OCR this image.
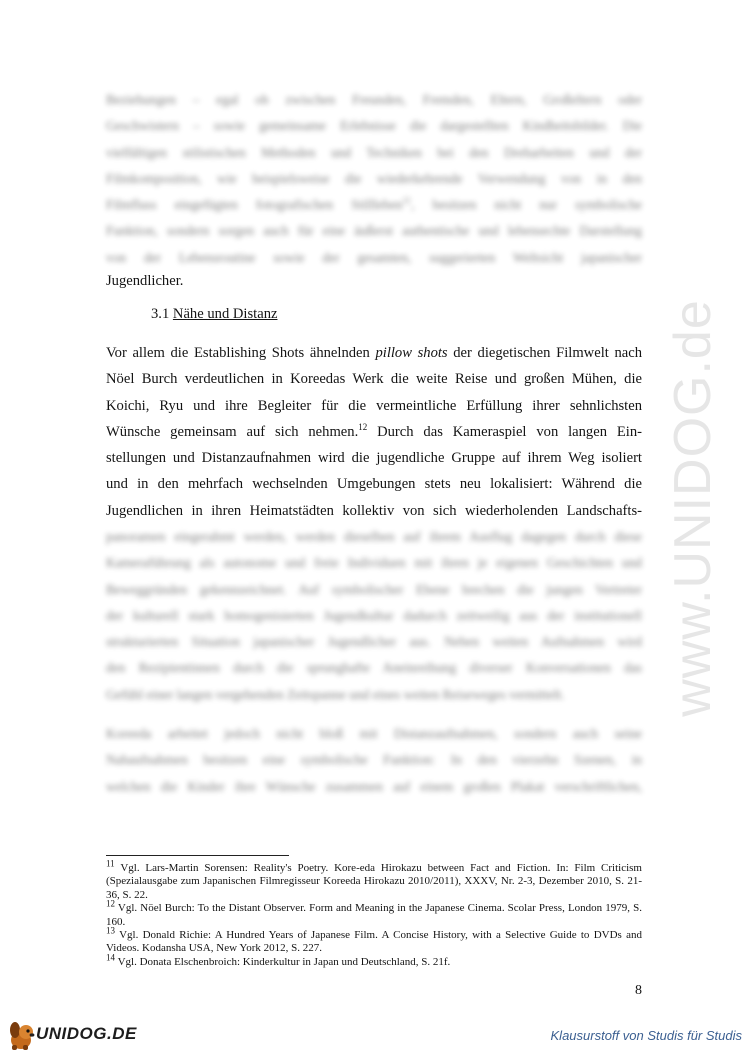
Beziehungen – egal ob zwischen Freunden, Fremden, Eltern, Großeltern oder
Geschwistern – sowie gemeinsame Erlebnisse die dargestellten Kindheitsbilder. Die
vielfältigen stilistischen Methoden und Techniken bei den Dreharbeiten und der
Filmkomposition, wie beispielsweise die wiederkehrende Verwendung von in den
Filmfluss eingefügten fotografischen Stillleben$^{11}$, besitzen nicht nur symbolische
Funktion, sondern sorgen auch für eine äußerst authentische und lebensechte Darstellung
von der Lebensroutine sowie der gesamten, suggerierten Weltsicht japanischer

Jugendlicher.
3.1 Nähe und Distanz
Vor allem die Establishing Shots ähnelnden pillow shots der diegetischen Filmwelt nach
Nöel Burch verdeutlichen in Koreedas Werk die weite Reise und großen Mühen, die
Koichi, Ryu und ihre Begleiter für die vermeintliche Erfüllung ihrer sehnlichsten
Wünsche gemeinsam auf sich nehmen.$^{12}$ Durch das Kameraspiel von langen Ein-
stellungen und Distanzaufnahmen wird die jugendliche Gruppe auf ihrem Weg isoliert
und in den mehrfach wechselnden Umgebungen stets neu lokalisiert: Während die
Jugendlichen in ihren Heimatstädten kollektiv von sich wiederholenden Landschafts-

panoramen eingerahmt werden, werden dieselben auf ihrem Ausflug dagegen durch diese
Kameraführung als autonome und freie Individuen mit ihren je eigenen Geschichten und
Beweggründen gekennzeichnet. Auf symbolischer Ebene brechen die jungen Vertreter
der kulturell stark homogenisierten Jugendkultur dadurch zeitweilig aus der institutionell
strukturierten Situation japanischer Jugendlicher aus. Neben weiten Aufnahmen wird
den Rezipientinnen durch die sprunghafte Aneinreihung diverser Konversationen das
Gefühl einer langen vergehenden Zeitspanne und eines weiten Reiseweges vermittelt.

Koreeda arbeitet jedoch nicht bloß mit Distanzaufnahmen, sondern auch seine
Nahaufnahmen besitzen eine symbolische Funktion: In den vierzehn Szenen, in
welchen die Kinder ihre Wünsche zusammen auf einem großen Plakat verschriftlichen,

www.UNIDOG.de
$^{11}$ Vgl. Lars-Martin Sorensen: Reality's Poetry. Kore-eda Hirokazu between Fact and Fiction. In: Film Criticism (Spezialausgabe zum Japanischen Filmregisseur Koreeda Hirokazu 2010/2011), XXXV, Nr. 2-3, Dezember 2010, S. 21-36, S. 22.
$^{12}$ Vgl. Nöel Burch: To the Distant Observer. Form and Meaning in the Japanese Cinema. Scolar Press, London 1979, S. 160.
$^{13}$ Vgl. Donald Richie: A Hundred Years of Japanese Film. A Concise History, with a Selective Guide to DVDs and Videos. Kodansha USA, New York 2012, S. 227.
$^{14}$ Vgl. Donata Elschenbroich: Kinderkultur in Japan und Deutschland, S. 21f.
8
UNIDOG.DE	Klausurstoff von Studis für Studis
